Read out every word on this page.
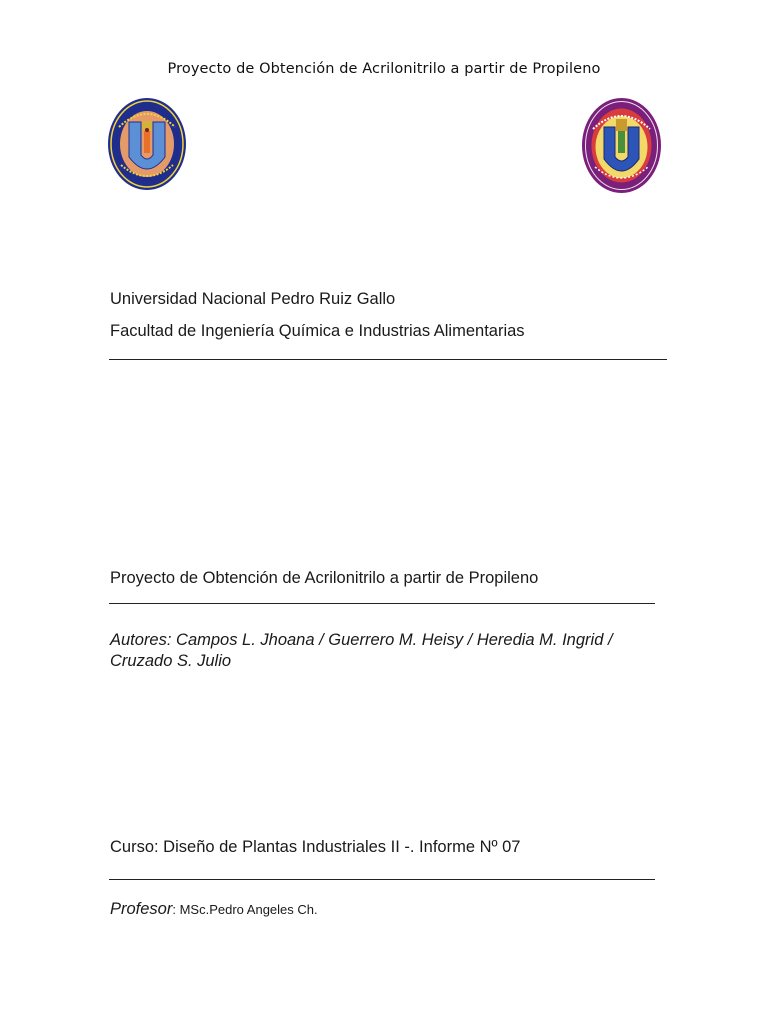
Proyecto de Obtención de Acrilonitrilo a partir de Propileno
Universidad Nacional Pedro Ruiz Gallo
Facultad de Ingeniería Química e Industrias Alimentarias
Proyecto de Obtención de Acrilonitrilo a partir de Propileno
Autores: Campos L. Jhoana / Guerrero M. Heisy / Heredia M. Ingrid / Cruzado S. Julio
Curso: Diseño de Plantas Industriales II -. Informe Nº 07
Profesor: MSc.Pedro Angeles Ch.
